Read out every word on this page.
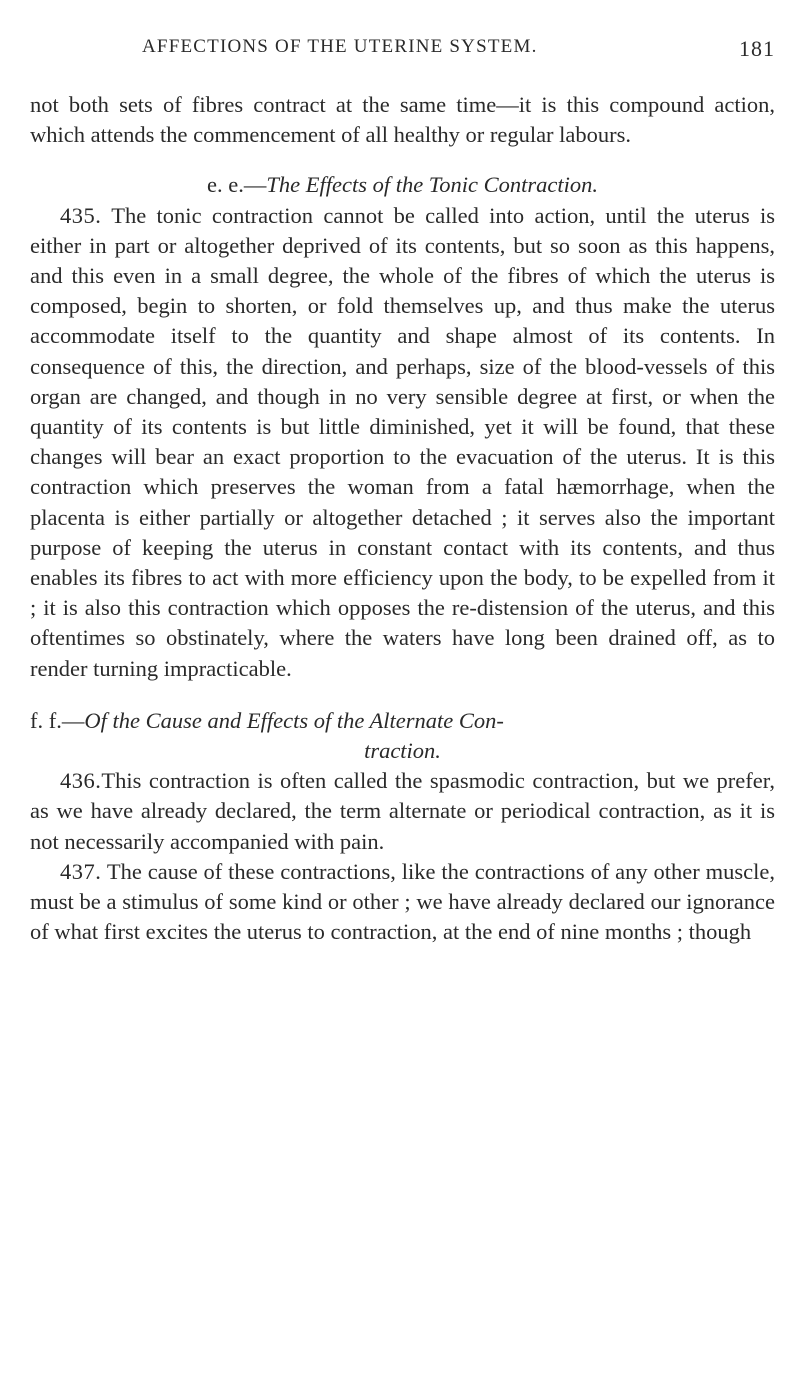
AFFECTIONS OF THE UTERINE SYSTEM.	181

not both sets of fibres contract at the same time—it is this compound action, which attends the commencement of all healthy or regular labours.

e. e.—The Effects of the Tonic Contraction.

435. The tonic contraction cannot be called into action, until the uterus is either in part or altogether deprived of its contents, but so soon as this happens, and this even in a small degree, the whole of the fibres of which the uterus is composed, begin to shorten, or fold themselves up, and thus make the uterus accommodate itself to the quantity and shape almost of its contents. In consequence of this, the direction, and perhaps, size of the blood-vessels of this organ are changed, and though in no very sensible degree at first, or when the quantity of its contents is but little diminished, yet it will be found, that these changes will bear an exact proportion to the evacuation of the uterus. It is this contraction which preserves the woman from a fatal hæmorrhage, when the placenta is either partially or altogether detached ; it serves also the important purpose of keeping the uterus in constant contact with its contents, and thus enables its fibres to act with more efficiency upon the body, to be expelled from it ; it is also this contraction which opposes the re-distension of the uterus, and this oftentimes so obstinately, where the waters have long been drained off, as to render turning impracticable.

f. f.—Of the Cause and Effects of the Alternate Con-
traction.

436.This contraction is often called the spasmodic contraction, but we prefer, as we have already declared, the term alternate or periodical contraction, as it is not necessarily accompanied with pain.

437. The cause of these contractions, like the contractions of any other muscle, must be a stimulus of some kind or other ; we have already declared our ignorance of what first excites the uterus to contraction, at the end of nine months ; though
